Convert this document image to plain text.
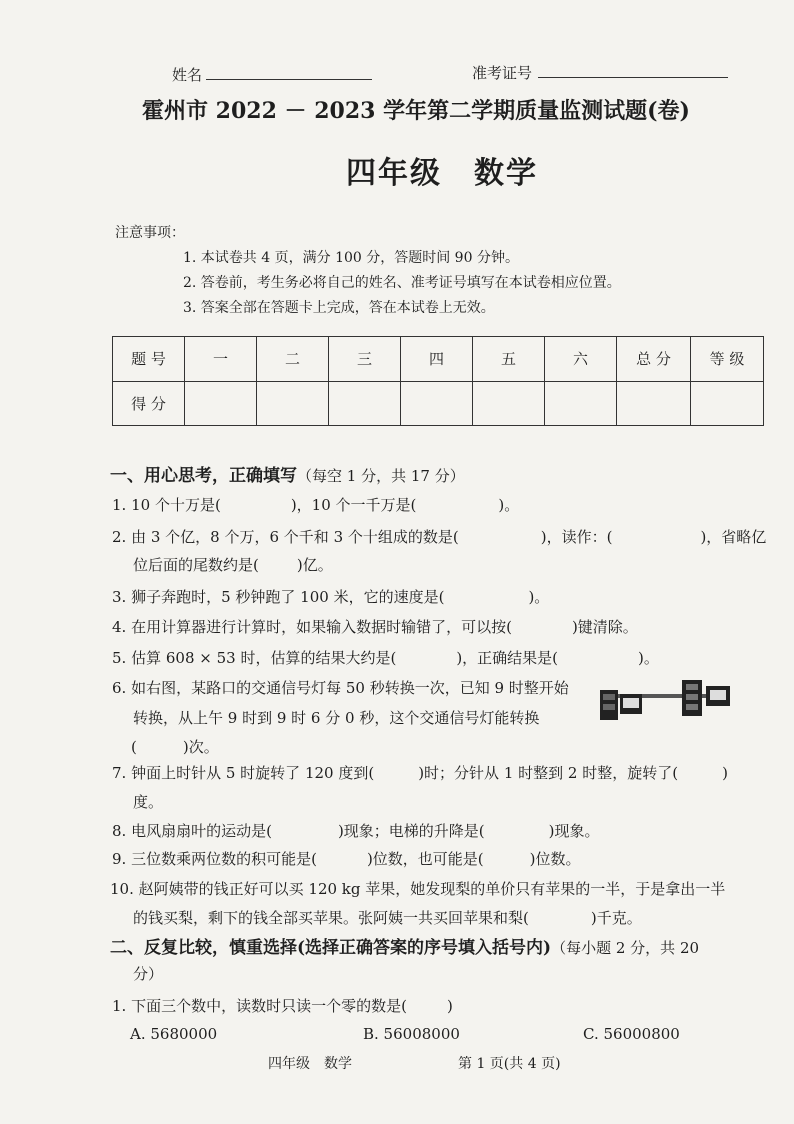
姓名	准考证号
霍州市 2022 － 2023 学年第二学期质量监测试题(卷)
四年级　数学
注意事项：
1. 本试卷共 4 页，满分 100 分，答题时间 90 分钟。
2. 答卷前，考生务必将自己的姓名、准考证号填写在本试卷相应位置。
3. 答案全部在答题卡上完成，答在本试卷上无效。
题 号	一	二	三	四	五	六	总 分	等 级
得 分								
一、用心思考，正确填写（每空 1 分，共 17 分）
1. 10 个十万是(	)，10 个一千万是(	)。
2. 由 3 个亿，8 个万，6 个千和 3 个十组成的数是(	)，读作：(	)，省略亿
位后面的尾数约是(	)亿。
3. 狮子奔跑时，5 秒钟跑了 100 米，它的速度是(	)。
4. 在用计算器进行计算时，如果输入数据时输错了，可以按(	)键清除。
5. 估算 608 × 53 时，估算的结果大约是(	)，正确结果是(	)。
6. 如右图，某路口的交通信号灯每 50 秒转换一次，已知 9 时整开始
转换，从上午 9 时到 9 时 6 分 0 秒，这个交通信号灯能转换
(	)次。
7. 钟面上时针从 5 时旋转了 120 度到(	)时；分针从 1 时整到 2 时整，旋转了(	)
度。
8. 电风扇扇叶的运动是(	)现象；电梯的升降是(	)现象。
9. 三位数乘两位数的积可能是(	)位数，也可能是(	)位数。
10. 赵阿姨带的钱正好可以买 120 kg 苹果，她发现梨的单价只有苹果的一半，于是拿出一半
的钱买梨，剩下的钱全部买苹果。张阿姨一共买回苹果和梨(	)千克。
二、反复比较，慎重选择(选择正确答案的序号填入括号内)（每小题 2 分，共 20
分）
1. 下面三个数中，读数时只读一个零的数是(	)
A. 5680000	B. 56008000	C. 56000800
四年级　数学	第 1 页(共 4 页)
